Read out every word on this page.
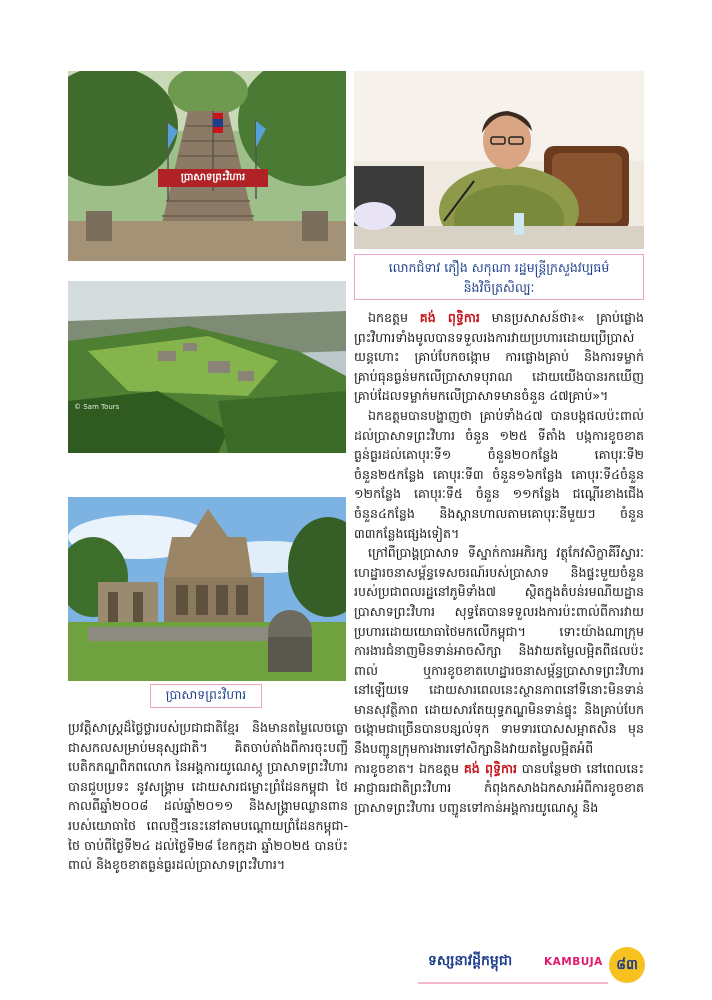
ប្រាសាទព្រះវិហារ
លោកជំទាវ ភឿង សកុណា រដ្ឋមន្ត្រីក្រសួងវប្បធម៌
និងវិចិត្រសិល្បៈ
© Sam Tours
ប្រាសាទព្រះវិហារ

ឯកឧត្តម គង់ ពុទ្ធិការ មានប្រសាសន៍ថា៖« គ្រាប់ផ្លោងព្រះវិហារទាំងមូលបានទទួលរងការវាយប្រហារដោយប្រើប្រាស់យន្តហោះ គ្រាប់បែកចង្កោម ការផ្លោងគ្រាប់ និងការទម្លាក់គ្រាប់ធុនធ្ងន់មកលើប្រាសាទបុរាណ ដោយយើងបានរកឃើញគ្រាប់ដែលទម្លាក់មកលើប្រាសាទមានចំនួន ៤៧គ្រាប់»។

ឯកឧត្តមបានបង្ហាញថា គ្រាប់ទាំង៤៧ បានបង្កផលប៉ះពាល់ដល់ប្រាសាទព្រះវិហារ ចំនួន ១២៥ ទីតាំង បង្កការខូចខាតធ្ងន់ធ្ងរដល់គោបុរៈទី១ ចំនួន២០កន្លែង គោបុរៈទី២ ចំនួន២៥កន្លែង គោបុរៈទី៣ ចំនួន១៦កន្លែង គោបុរៈទី៤ចំនួន ១២កន្លែង គោបុរៈទី៥ ចំនួន ១១កន្លែង ជណ្ដើរខាងជើង ចំនួន៤កន្លែង និងស្ពានហាលតាមគោបុរៈនីមួយៗ ចំនួន ៣៣កន្លែងផ្សេងទៀត។

ក្រៅពីប្រាង្គប្រាសាទ ទីស្នាក់ការអភិរក្ស វត្ថុកែវសិក្ខាគីរីស្វារៈ ហេដ្ឋារចនាសម្ព័ន្ធទេសចរណ៍របស់ប្រាសាទ និងផ្ទះមួយចំនួនរបស់ប្រជាពលរដ្ឋនៅភូមិទាំង៧ ស្ថិតក្នុងតំបន់រមណីយដ្ឋានប្រាសាទព្រះវិហារ សុទ្ធតែបានទទួលរងការប៉ះពាល់ពីការវាយប្រហារដោយយោធាថៃមកលើកម្ពុជា។ ទោះយ៉ាងណាក្រុមការងារជំនាញមិនទាន់អាចសិក្សា និងវាយតម្លៃលម្អិតពីផលប៉ះពាល់ ឬការខូចខាតហេដ្ឋារចនាសម្ព័ន្ធប្រាសាទព្រះវិហារនៅឡើយទេ ដោយសារពេលនេះស្ថានភាពនៅទីនោះមិនទាន់មានសុវត្ថិភាព ដោយសារតែយុទ្ធភណ្ឌមិនទាន់ផ្ទុះ និងគ្រាប់បែកចង្កោមជាច្រើនបានបន្សល់ទុក ទាមទារបោសសម្អាតសិន មុននឹងបញ្ជូនក្រុមការងារទៅសិក្សានិងវាយតម្លៃលម្អិតអំពីការខូចខាត។ ឯកឧត្តម គង់ ពុទ្ធិការ បានបន្ថែមថា នៅពេលនេះអាជ្ញាធរជាតិព្រះវិហារ កំពុងកសាងឯកសារអំពីការខូចខាតប្រាសាទព្រះវិហារ បញ្ជូនទៅកាន់អង្គការយូណេស្កូ និង

ប្រវត្តិសាស្ត្រដ៏ថ្លៃថ្លារបស់ប្រជាជាតិខ្មែរ និងមានតម្លៃលេចធ្លោជាសកលសម្រាប់មនុស្សជាតិ។ គិតចាប់តាំងពីការចុះបញ្ជីបេតិកភណ្ឌពិភពលោក នៃអង្គការយូណេស្កូ ប្រាសាទព្រះវិហារបានជួបប្រទះ នូវសង្គ្រាម ដោយសារជម្លោះព្រំដែនកម្ពុជា ថៃ កាលពីឆ្នាំ២០០៨ ដល់ឆ្នាំ២០១១ និងសង្គ្រាមឈ្លានពានរបស់យោធាថៃ ពេលថ្មីៗនេះនៅតាមបណ្ដោយព្រំដែនកម្ពុជា-ថៃ ចាប់ពីថ្ងៃទី២៤ ដល់ថ្ងៃទី២៨ ខែកក្កដា ឆ្នាំ២០២៥ បានប៉ះពាល់ និងខូចខាតធ្ងន់ធ្ងរដល់ប្រាសាទព្រះវិហារ។

ទស្សនាវដ្ដីកម្ពុជា	KAMBUJA ៨៣
